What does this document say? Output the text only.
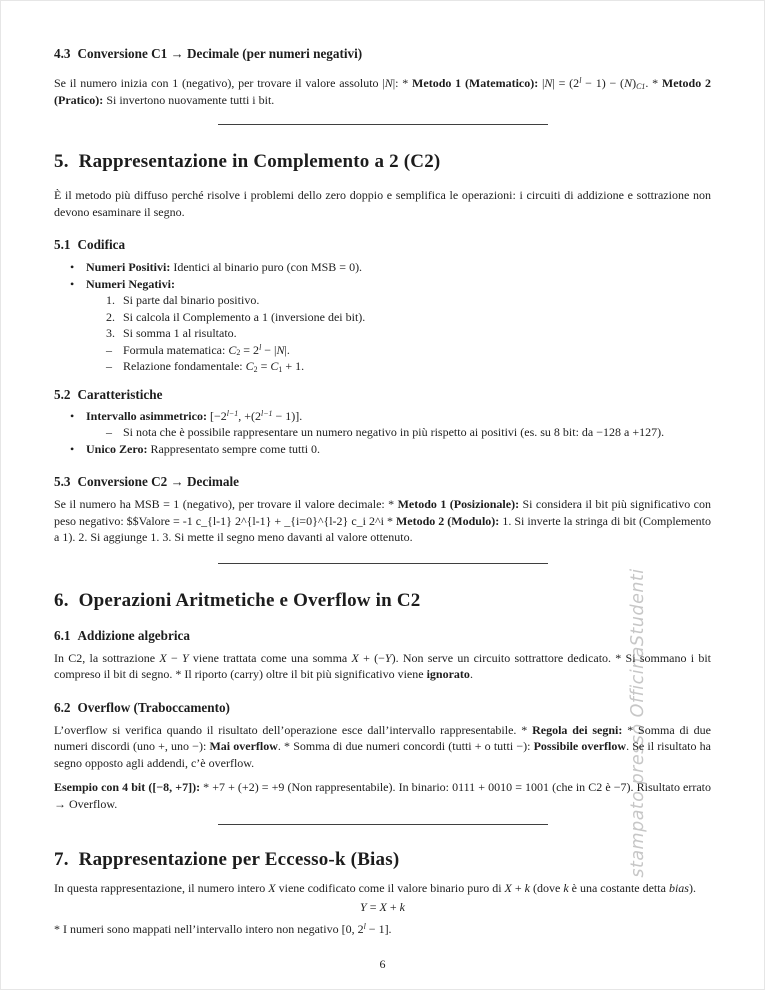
stampato presso OfficinaStudenti
4.3 Conversione C1 → Decimale (per numeri negativi)

Se il numero inizia con 1 (negativo), per trovare il valore assoluto |N|: * Metodo 1 (Matematico): $|N| = (2^l - 1) - (N)_{C1}$. * Metodo 2 (Pratico): Si invertono nuovamente tutti i bit.

5. Rappresentazione in Complemento a 2 (C2)

È il metodo più diffuso perché risolve i problemi dello zero doppio e semplifica le operazioni: i circuiti di addizione e sottrazione non devono esaminare il segno.

5.1 Codifica
• Numeri Positivi: Identici al binario puro (con MSB = 0).
• Numeri Negativi:
1. Si parte dal binario positivo.
2. Si calcola il Complemento a 1 (inversione dei bit).
3. Si somma 1 al risultato.
– Formula matematica: $C_2 = 2^l - |N|$.
– Relazione fondamentale: $C_2 = C_1 + 1$.
5.2 Caratteristiche
• Intervallo asimmetrico: [$-2^{l-1}$, $+(2^{l-1} - 1)$].
– Si nota che è possibile rappresentare un numero negativo in più rispetto ai positivi (es. su 8 bit: da −128 a +127).
• Unico Zero: Rappresentato sempre come tutti 0.
5.3 Conversione C2 → Decimale

Se il numero ha MSB = 1 (negativo), per trovare il valore decimale: * Metodo 1 (Posizionale): Si considera il bit più significativo con peso negativo: $$Valore = -1 c_{l-1} 2^{l-1} + _{i=0}^{l-2} c_i 2^i * Metodo 2 (Modulo): 1. Si inverte la stringa di bit (Complemento a 1). 2. Si aggiunge 1. 3. Si mette il segno meno davanti al valore ottenuto.

6. Operazioni Aritmetiche e Overflow in C2
6.1 Addizione algebrica

In C2, la sottrazione X − Y viene trattata come una somma X + (−Y). Non serve un circuito sottrattore dedicato. * Si sommano i bit compreso il bit di segno. * Il riporto (carry) oltre il bit più significativo viene ignorato.

6.2 Overflow (Traboccamento)

L’overflow si verifica quando il risultato dell’operazione esce dall’intervallo rappresentabile. * Regola dei segni: * Somma di due numeri discordi (uno +, uno −): Mai overflow. * Somma di due numeri concordi (tutti + o tutti −): Possibile overflow. Se il risultato ha segno opposto agli addendi, c’è overflow.

Esempio con 4 bit ([−8, +7]): * +7 + (+2) = +9 (Non rappresentabile). In binario: 0111 + 0010 = 1001 (che in C2 è −7). Risultato errato → Overflow.

7. Rappresentazione per Eccesso-k (Bias)

In questa rappresentazione, il numero intero X viene codificato come il valore binario puro di X + k (dove k è una costante detta bias).

Y = X + k

* I numeri sono mappati nell’intervallo intero non negativo [0, $2^l - 1$].

6
